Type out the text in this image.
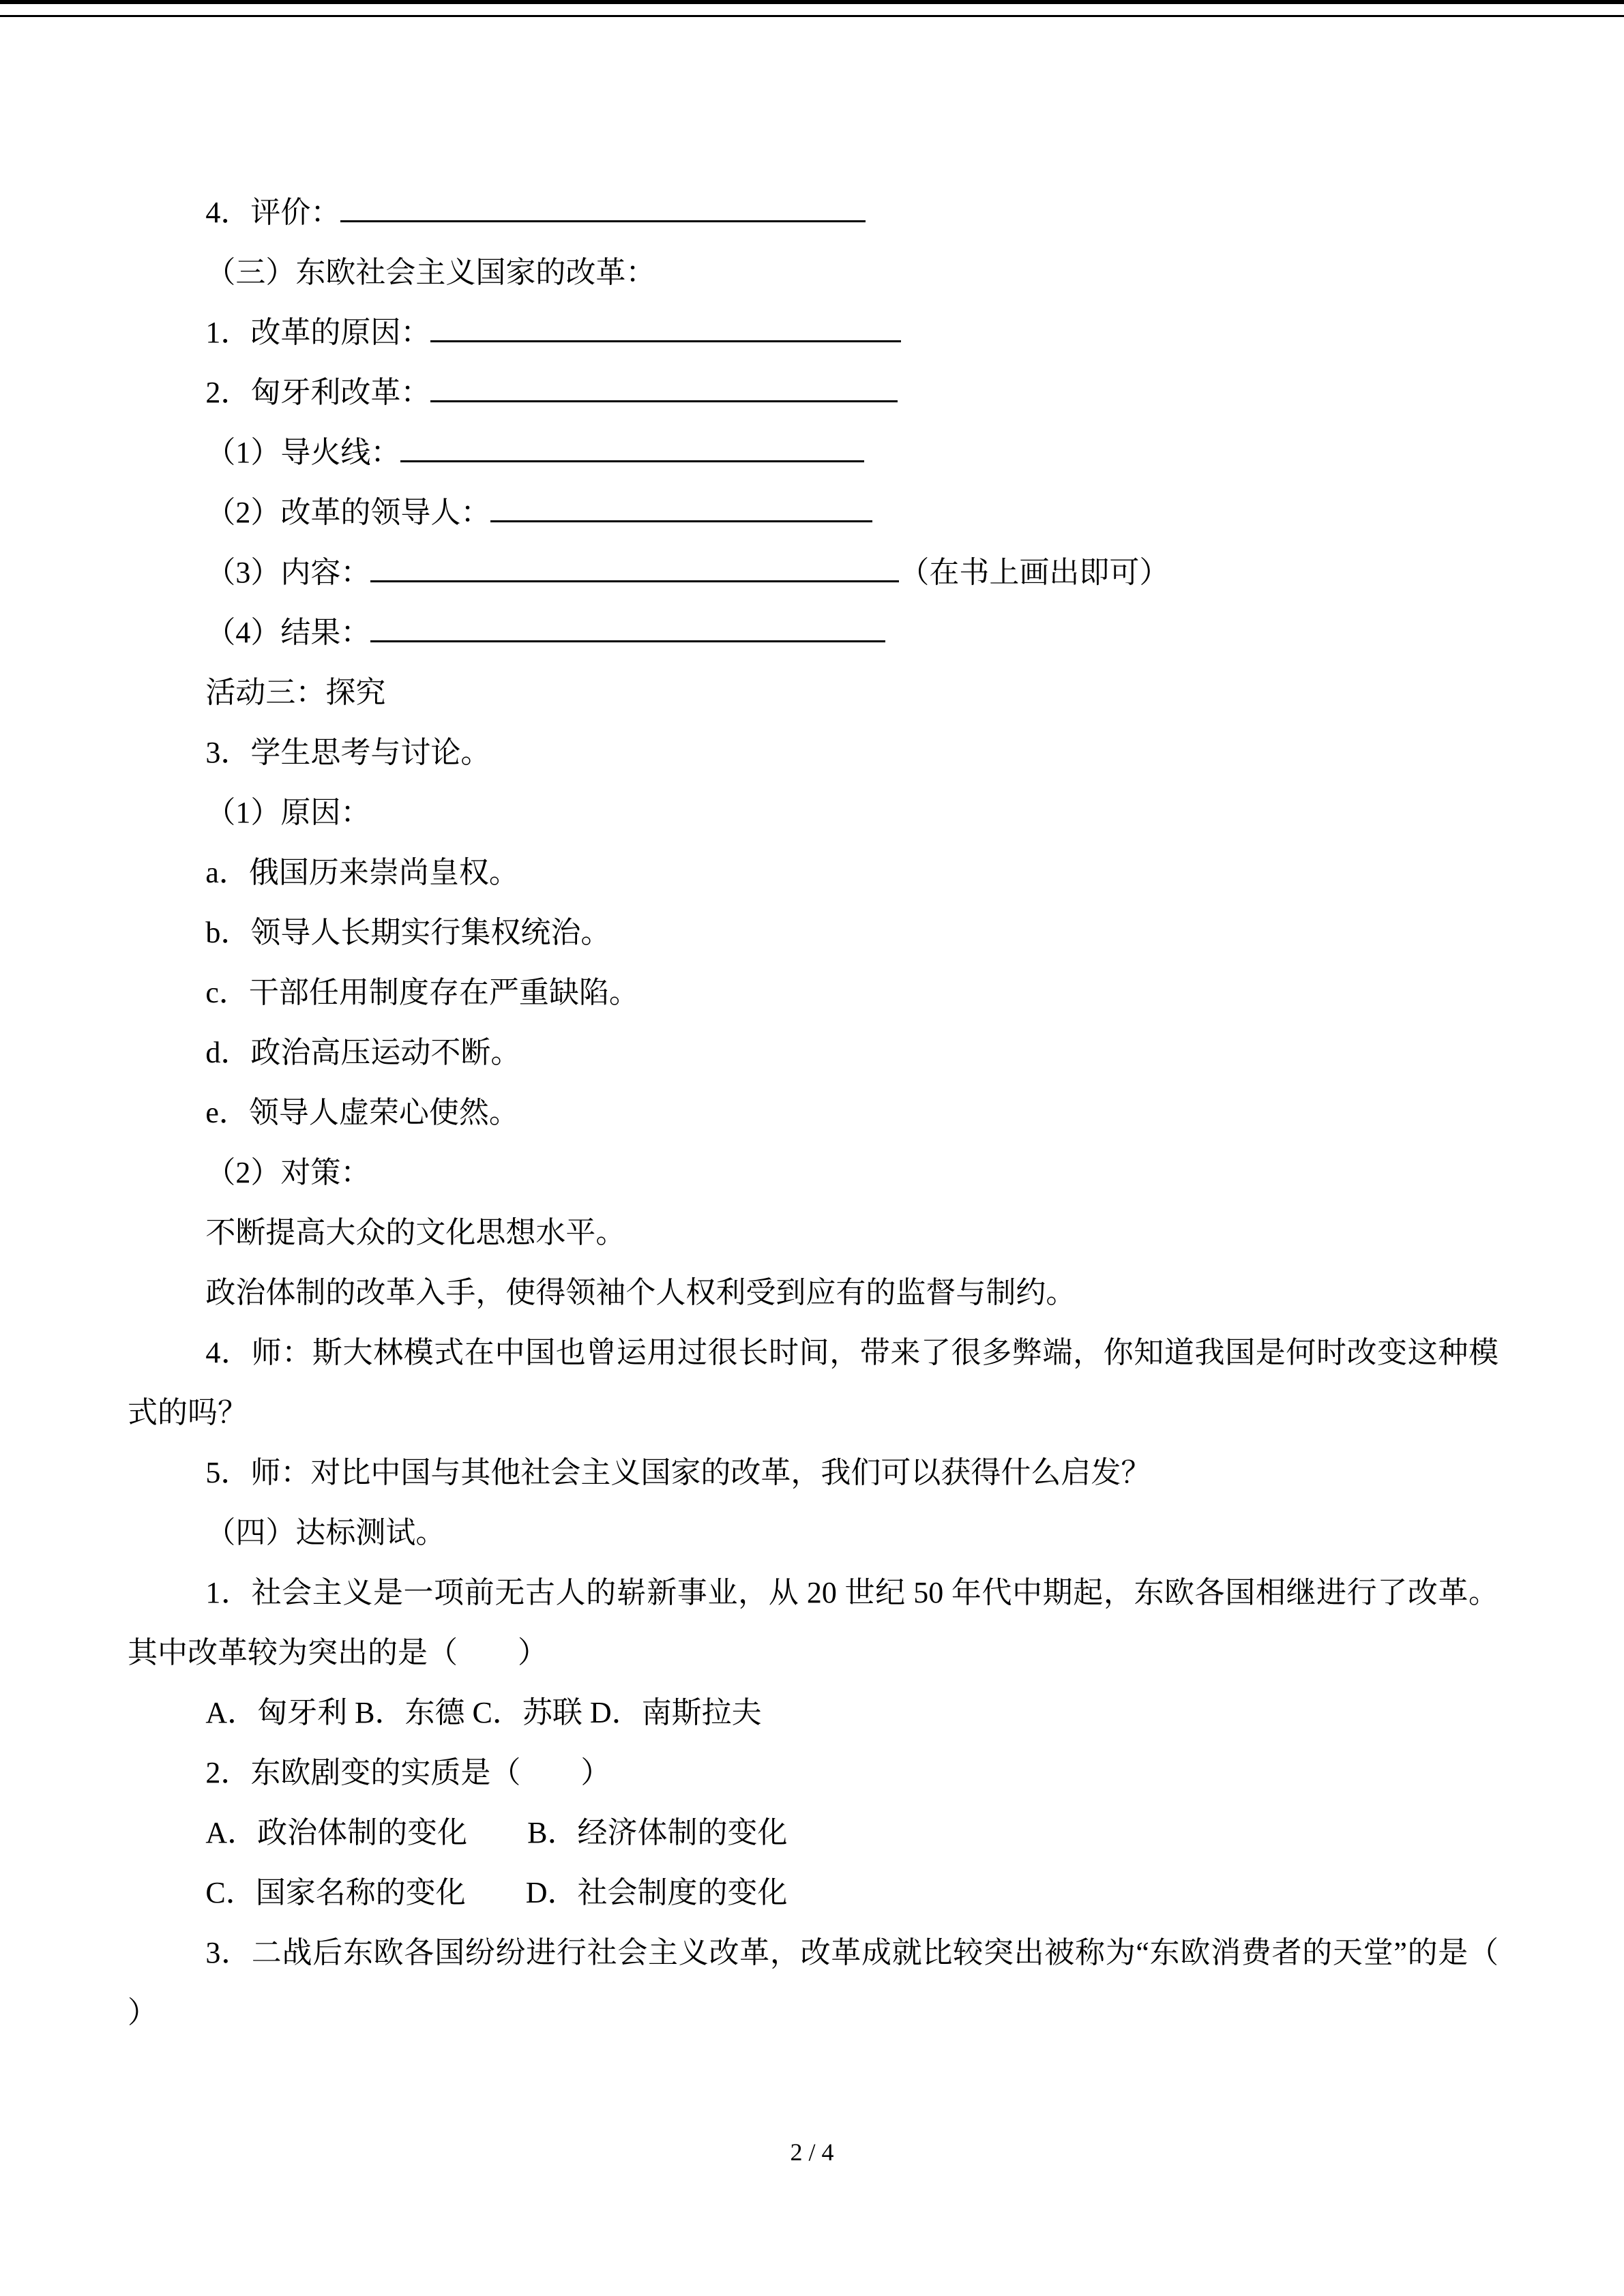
4．评价：

（三）东欧社会主义国家的改革：

1．改革的原因：

2．匈牙利改革：

（1）导火线：

（2）改革的领导人：

（3）内容：	（在书上画出即可）

（4）结果：

活动三：探究

3．学生思考与讨论。

（1）原因：

a．俄国历来崇尚皇权。

b．领导人长期实行集权统治。

c．干部任用制度存在严重缺陷。

d．政治高压运动不断。

e．领导人虚荣心使然。

（2）对策：

不断提高大众的文化思想水平。

政治体制的改革入手，使得领袖个人权利受到应有的监督与制约。

4．师：斯大林模式在中国也曾运用过很长时间，带来了很多弊端，你知道我国是何时改变这种模式的吗？

5．师：对比中国与其他社会主义国家的改革，我们可以获得什么启发？

（四）达标测试。

1．社会主义是一项前无古人的崭新事业，从 20 世纪 50 年代中期起，东欧各国相继进行了改革。其中改革较为突出的是（　　）

A．匈牙利 B．东德 C．苏联 D．南斯拉夫

2．东欧剧变的实质是（　　）

A．政治体制的变化　　B．经济体制的变化

C．国家名称的变化　　D．社会制度的变化

3．二战后东欧各国纷纷进行社会主义改革，改革成就比较突出被称为“东欧消费者的天堂”的是（　　）

2 / 4
